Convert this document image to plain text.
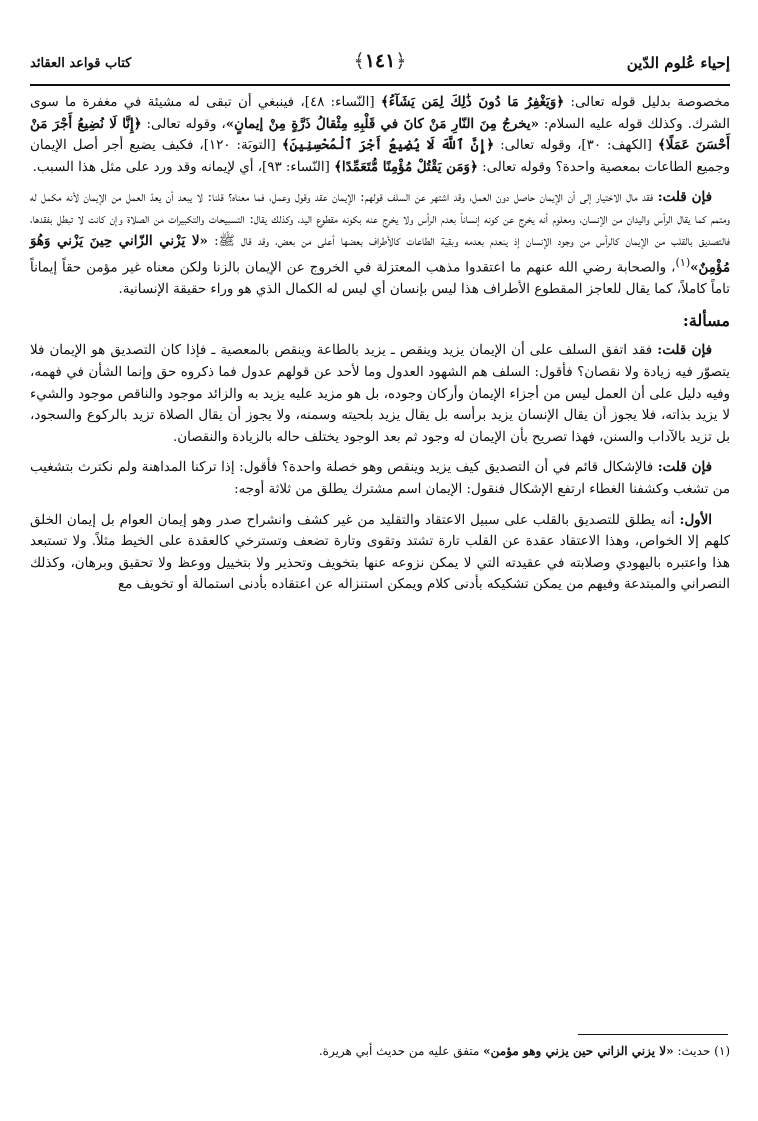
إحياء عُلوم الدّين
﴿١٤١﴾
كتاب قواعد العقائد

مخصوصة بدليل قوله تعالى: ﴿وَيَغْفِرُ مَا دُونَ ذَٰلِكَ لِمَن يَشَآءُ﴾ [النّساء: ٤٨]، فينبغي أن تبقى له مشيئة في مغفرة ما سوى الشرك. وكذلك قوله عليه السلام: «يخرجُ مِنَ النّارِ مَنْ كانَ في قَلْبِهِ مِثْقالُ ذَرَّةٍ مِنْ إيمانٍ»، وقوله تعالى: ﴿إِنَّا لَا نُضِيعُ أَجْرَ مَنْ أَحْسَنَ عَمَلًا﴾ [الكهف: ٣٠]، وقوله تعالى: ﴿إِنَّ ٱللَّهَ لَا يُضِيعُ أَجْرَ ٱلْمُحْسِنِينَ﴾ [التوبَة: ١٢٠]، فكيف يضيع أجر أصل الإيمان وجميع الطاعات بمعصية واحدة؟ وقوله تعالى: ﴿وَمَن يَقْتُلْ مُؤْمِنًا مُّتَعَمِّدًا﴾ [النّساء: ٩٣]، أي لإيمانه وقد ورد على مثل هذا السبب.

فإن قلت: فقد مال الاختيار إلى أن الإيمان حاصل دون العمل، وقد اشتهر عن السلف قولهم: الإيمان عقد وقول وعمل، فما معناه؟ قلنا: لا يبعد أن يعدّ العمل من الإيمان لأنه مكمل له ومتمم كما يقال الرأس واليدان من الإنسان، ومعلوم أنه يخرج عن كونه إنساناً بعدم الرأس ولا يخرج عنه بكونه مقطوع اليد، وكذلك يقال: التسبيحات والتكبيرات من الصلاة وإن كانت لا تبطل بفقدها، فالتصديق بالقلب من الإيمان كالرأس من وجود الإنسان إذ ينعدم بعدمه وبقية الطاعات كالأطراف بعضها أعلى من بعض، وقد قال ﷺ: «لا يَزْني الزّاني حِينَ يَزْني وَهُوَ مُؤْمِنٌ»$^{(١)}$، والصحابة رضي الله عنهم ما اعتقدوا مذهب المعتزلة في الخروج عن الإيمان بالزنا ولكن معناه غير مؤمن حقاً إيماناً تاماً كاملاً، كما يقال للعاجز المقطوع الأطراف هذا ليس بإنسان أي ليس له الكمال الذي هو وراء حقيقة الإنسانية.

مسألة:

فإن قلت: فقد اتفق السلف على أن الإيمان يزيد وينقص ـ يزيد بالطاعة وينقص بالمعصية ـ فإذا كان التصديق هو الإيمان فلا يتصوّر فيه زيادة ولا نقصان؟ فأقول: السلف هم الشهود العدول وما لأحد عن قولهم عدول فما ذكروه حق وإنما الشأن في فهمه، وفيه دليل على أن العمل ليس من أجزاء الإيمان وأركان وجوده، بل هو مزيد عليه يزيد به والزائد موجود والناقص موجود والشيء لا يزيد بذاته، فلا يجوز أن يقال الإنسان يزيد برأسه بل يقال يزيد بلحيته وسمنه، ولا يجوز أن يقال الصلاة تزيد بالركوع والسجود، بل تزيد بالآداب والسنن، فهذا تصريح بأن الإيمان له وجود ثم بعد الوجود يختلف حاله بالزيادة والنقصان.

فإن قلت: فالإشكال قائم في أن التصديق كيف يزيد وينقص وهو خصلة واحدة؟ فأقول: إذا تركنا المداهنة ولم نكترث بتشغيب من تشغب وكشفنا الغطاء ارتفع الإشكال فنقول: الإيمان اسم مشترك يطلق من ثلاثة أوجه:

الأول: أنه يطلق للتصديق بالقلب على سبيل الاعتقاد والتقليد من غير كشف وانشراح صدر وهو إيمان العوام بل إيمان الخلق كلهم إلا الخواص، وهذا الاعتقاد عقدة عن القلب تارة تشتد وتقوى وتارة تضعف وتسترخي كالعقدة على الخيط مثلاً. ولا تستبعد هذا واعتبره باليهودي وصلابته في عقيدته التي لا يمكن نزوعه عنها بتخويف وتحذير ولا بتخييل ووعظ ولا تحقيق وبرهان، وكذلك النصراني والمبتدعة وفيهم من يمكن تشكيكه بأدنى كلام ويمكن استنزاله عن اعتقاده بأدنى استمالة أو تخويف مع

(١) حديث: «لا يزني الزاني حين يزني وهو مؤمن» متفق عليه من حديث أبي هريرة.
